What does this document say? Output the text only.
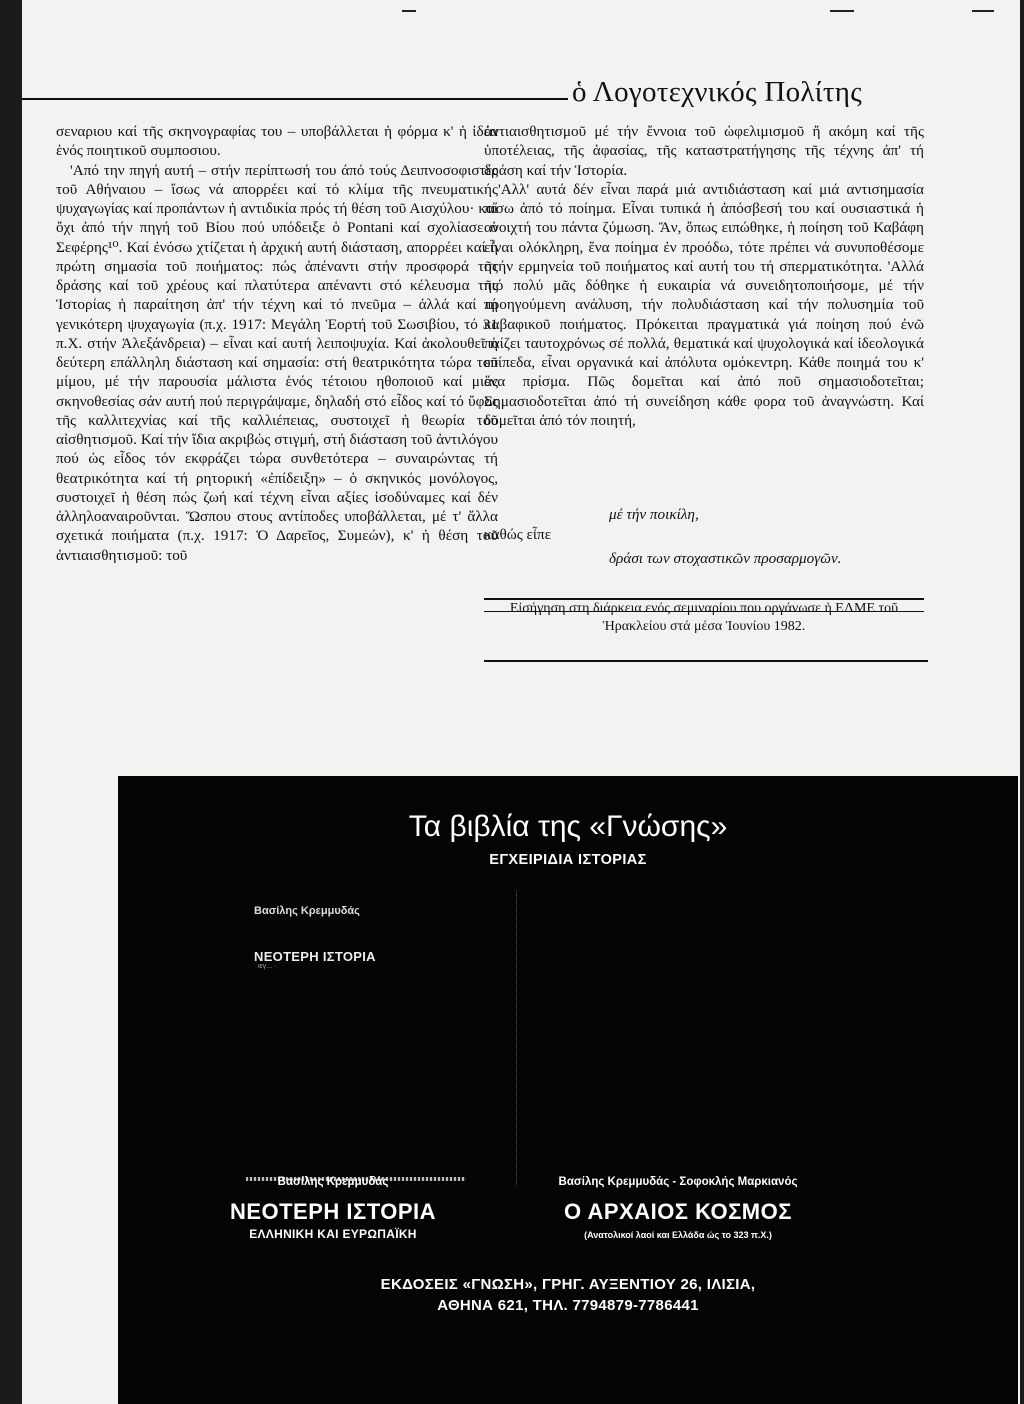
ὁ Λογοτεχνικός Πολίτης

σεναριου καί τῆς σκηνογραφίας του – υποβάλλεται ἡ φόρμα κ' ἡ ἰδέα ἑνός ποιητικοῦ συμποσιου.

'Από την πηγή αυτή – στήν περίπτωσή του άπό τούς Δειπνοσοφιστές τοῦ Αθήναιου – ἴσως νά απορρέει καί τό κλίμα τῆς πνευματικής ψυχαγωγίας καί προπάντων ἡ αντιδικία πρός τή θέση τοῦ Αισχύλου· καί ὄχι ἀπό τήν πηγή τοῦ Βίου πού υπόδειξε ὁ Pontani καί σχολίασε ὁ Σεφέρης¹⁰. Καί ἐνόσω χτίζεται ἡ ἀρχική αυτή διάσταση, απορρέει καί ἡ πρώτη σημασία τοῦ ποιήματος: πώς ἀπέναντι στήν προσφορά τῆς δράσης καί τοῦ χρέους καί πλατύτερα απέναντι στό κέλευσμα τῆς Ἱστορίας ἡ παραίτηση ἀπ' τήν τέχνη καί τό πνεῦμα – ἀλλά καί τή γενικότερη ψυχαγωγία (π.χ. 1917: Μεγάλη Ἑορτή τοῦ Σωσιβίου, τό 31 π.Χ. στήν Ἀλεξάνδρεια) – εἶναι καί αυτή λειποψυχία. Καί ἀκολουθεῖ ἡ δεύτερη επάλληλη διάσταση καί σημασία: στή θεατρικότητα τώρα τοῦ μίμου, μέ τήν παρουσία μάλιστα ἑνός τέτοιου ηθοποιοῦ καί μιας σκηνοθεσίας σάν αυτή πού περιγράψαμε, δηλαδή στό εἶδος καί τό ὕφος τῆς καλλιτεχνίας καί τῆς καλλιέπειας, συστοιχεῖ ἡ θεωρία τοῦ αἰσθητισμοῦ. Καί τήν ἴδια ακριβώς στιγμή, στή διάσταση τοῦ ἀντιλόγου πού ὡς εἶδος τόν εκφράζει τώρα συνθετότερα – συναιρώντας τή θεατρικότητα καί τή ρητορική «ἐπίδειξη» – ὁ σκηνικός μονόλογος, συστοιχεῖ ἡ θέση πώς ζωή καί τέχνη εἶναι αξίες ἰσοδύναμες καί δέν ἀλληλοαναιροῦνται. Ὥσπου στους αντίποδες υποβάλλεται, μέ τ' ἄλλα σχετικά ποιήματα (π.χ. 1917: Ὁ Δαρεῖος, Συμεών), κ' ἡ θέση τοῦ ἀντιαισθητισμοῦ: τοῦ

ἀντιαισθητισμοῦ μέ τήν ἔννοια τοῦ ὠφελιμισμοῦ ἤ ακόμη καί τῆς ὑποτέλειας, τῆς ἀφασίας, τῆς καταστρατήγησης τῆς τέχνης ἀπ' τή δράση καί τήν Ἱστορία.

'Αλλ' αυτά δέν εἶναι παρά μιά αντιδιάσταση καί μιά αντισημασία πίσω ἀπό τό ποίημα. Εἶναι τυπικά ἡ ἀπόσβεσή του καί ουσιαστικά ἡ ανοιχτή του πάντα ζύμωση. Ἄν, ὅπως ειπώθηκε, ἡ ποίηση τοῦ Καβάφη εἶναι ολόκληρη, ἕνα ποίημα ἐν προόδω, τότε πρέπει νά συνυποθέσομε στήν ερμηνεία τοῦ ποιήματος καί αυτή του τή σπερματικότητα. 'Αλλά πιό πολύ μᾶς δόθηκε ἡ ευκαιρία νά συνειδητοποιήσομε, μέ τήν προηγούμενη ανάλυση, τήν πολυδιάσταση καί τήν πολυσημία τοῦ καβαφικοῦ ποιήματος. Πρόκειται πραγματικά γιά ποίηση πού ἐνῶ παίζει ταυτοχρόνως σέ πολλά, θεματικά καί ψυχολογικά καί ἰδεολογικά επίπεδα, εἶναι οργανικά καί ἀπόλυτα ομόκεντρη. Κάθε ποιημά του κ' ἕνα πρίσμα. Πῶς δομεῖται καί ἀπό ποῦ σημασιοδοτεῖται; Σημασιοδοτεῖται ἀπό τή συνείδηση κάθε φορα τοῦ ἀναγνώστη. Καί δομεῖται ἀπό τόν ποιητή,

καθώς εἶπε
μέ τήν ποικίλη,
δράσι των στοχαστικῶν προσαρμογῶν.
Εἰσήγηση στη διάρκεια ενός σεμιναρίου που οργάνωσε ἡ ΕΛΜΕ τοῦ Ἡρακλείου στά μέσα Ἰουνίου 1982.
Τα βιβλία της «Γνώσης»
ΕΓΧΕΙΡΙΔΙΑ ΙΣΤΟΡΙΑΣ
Βασίλης Κρεμμυδάς
ΝΕΟΤΕΡΗ ΙΣΤΟΡΙΑ
ιεγ... ·
Βασίλης Κρεμμυδάς
ΝΕΟΤΕΡΗ ΙΣΤΟΡΙΑ
ΕΛΛΗΝΙΚΗ ΚΑΙ ΕΥΡΩΠΑΪΚΗ
Βασίλης Κρεμμυδάς - Σοφοκλής Μαρκιανός
Ο ΑΡΧΑΙΟΣ ΚΟΣΜΟΣ
(Ανατολικοί λαοί και Ελλάδα ώς το 323 π.Χ.)
ΕΚΔΟΣΕΙΣ «ΓΝΩΣΗ», ΓΡΗΓ. ΑΥΞΕΝΤΙΟΥ 26, ΙΛΙΣΙΑ,
ΑΘΗΝΑ 621, ΤΗΛ. 7794879-7786441
